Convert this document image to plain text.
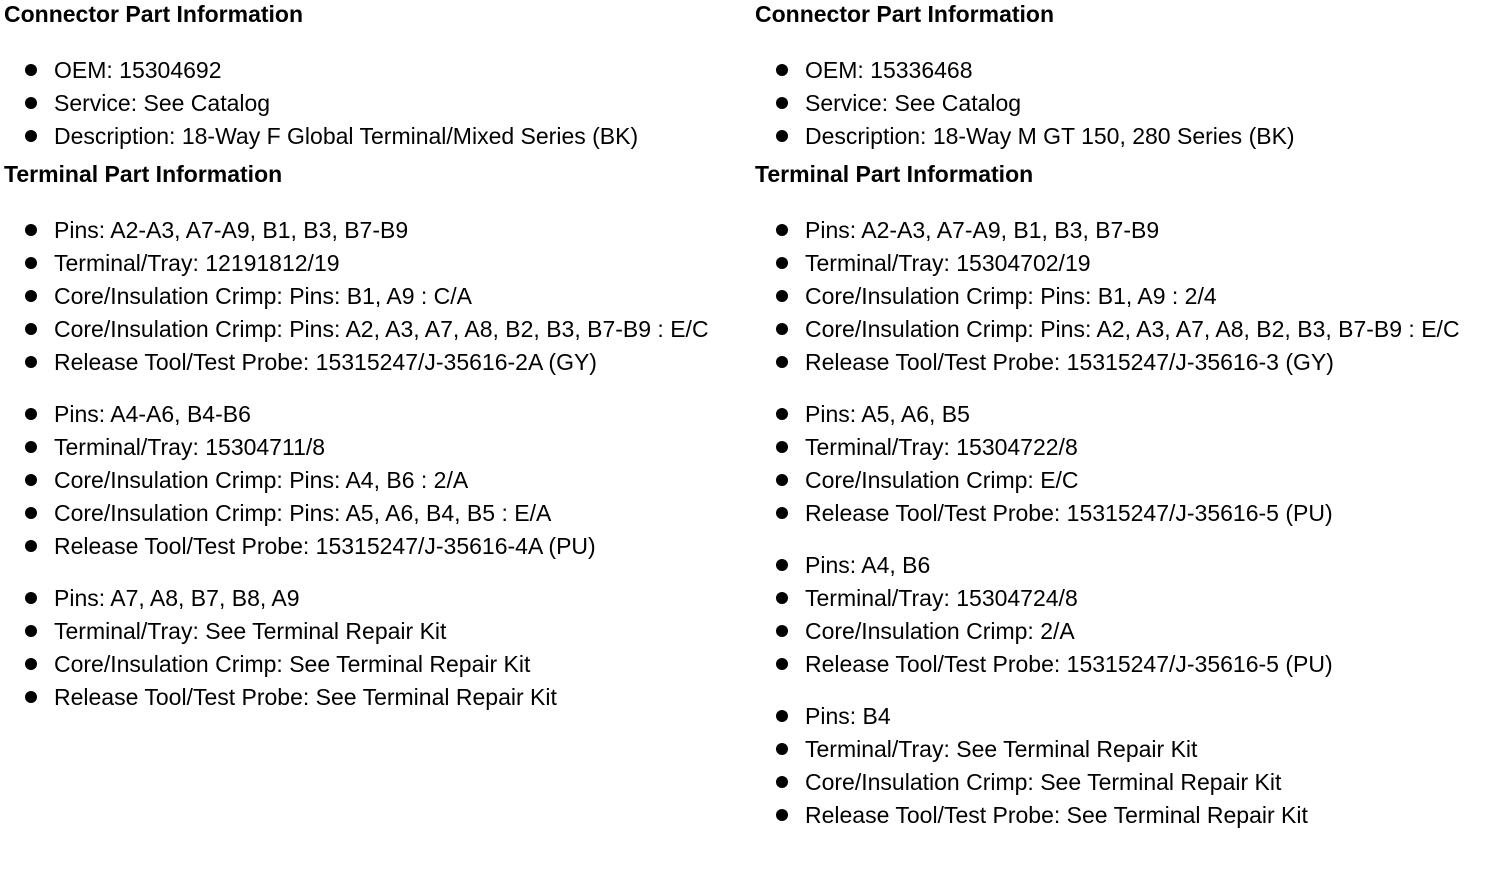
Connector Part Information
OEM: 15304692
Service: See Catalog
Description: 18-Way F Global Terminal/Mixed Series (BK)
Terminal Part Information
Pins: A2-A3, A7-A9, B1, B3, B7-B9
Terminal/Tray: 12191812/19
Core/Insulation Crimp: Pins: B1, A9 : C/A
Core/Insulation Crimp: Pins: A2, A3, A7, A8, B2, B3, B7-B9 : E/C
Release Tool/Test Probe: 15315247/J-35616-2A (GY)
Pins: A4-A6, B4-B6
Terminal/Tray: 15304711/8
Core/Insulation Crimp: Pins: A4, B6 : 2/A
Core/Insulation Crimp: Pins: A5, A6, B4, B5 : E/A
Release Tool/Test Probe: 15315247/J-35616-4A (PU)
Pins: A7, A8, B7, B8, A9
Terminal/Tray: See Terminal Repair Kit
Core/Insulation Crimp: See Terminal Repair Kit
Release Tool/Test Probe: See Terminal Repair Kit
Connector Part Information
OEM: 15336468
Service: See Catalog
Description: 18-Way M GT 150, 280 Series (BK)
Terminal Part Information
Pins: A2-A3, A7-A9, B1, B3, B7-B9
Terminal/Tray: 15304702/19
Core/Insulation Crimp: Pins: B1, A9 : 2/4
Core/Insulation Crimp: Pins: A2, A3, A7, A8, B2, B3, B7-B9 : E/C
Release Tool/Test Probe: 15315247/J-35616-3 (GY)
Pins: A5, A6, B5
Terminal/Tray: 15304722/8
Core/Insulation Crimp: E/C
Release Tool/Test Probe: 15315247/J-35616-5 (PU)
Pins: A4, B6
Terminal/Tray: 15304724/8
Core/Insulation Crimp: 2/A
Release Tool/Test Probe: 15315247/J-35616-5 (PU)
Pins: B4
Terminal/Tray: See Terminal Repair Kit
Core/Insulation Crimp: See Terminal Repair Kit
Release Tool/Test Probe: See Terminal Repair Kit
